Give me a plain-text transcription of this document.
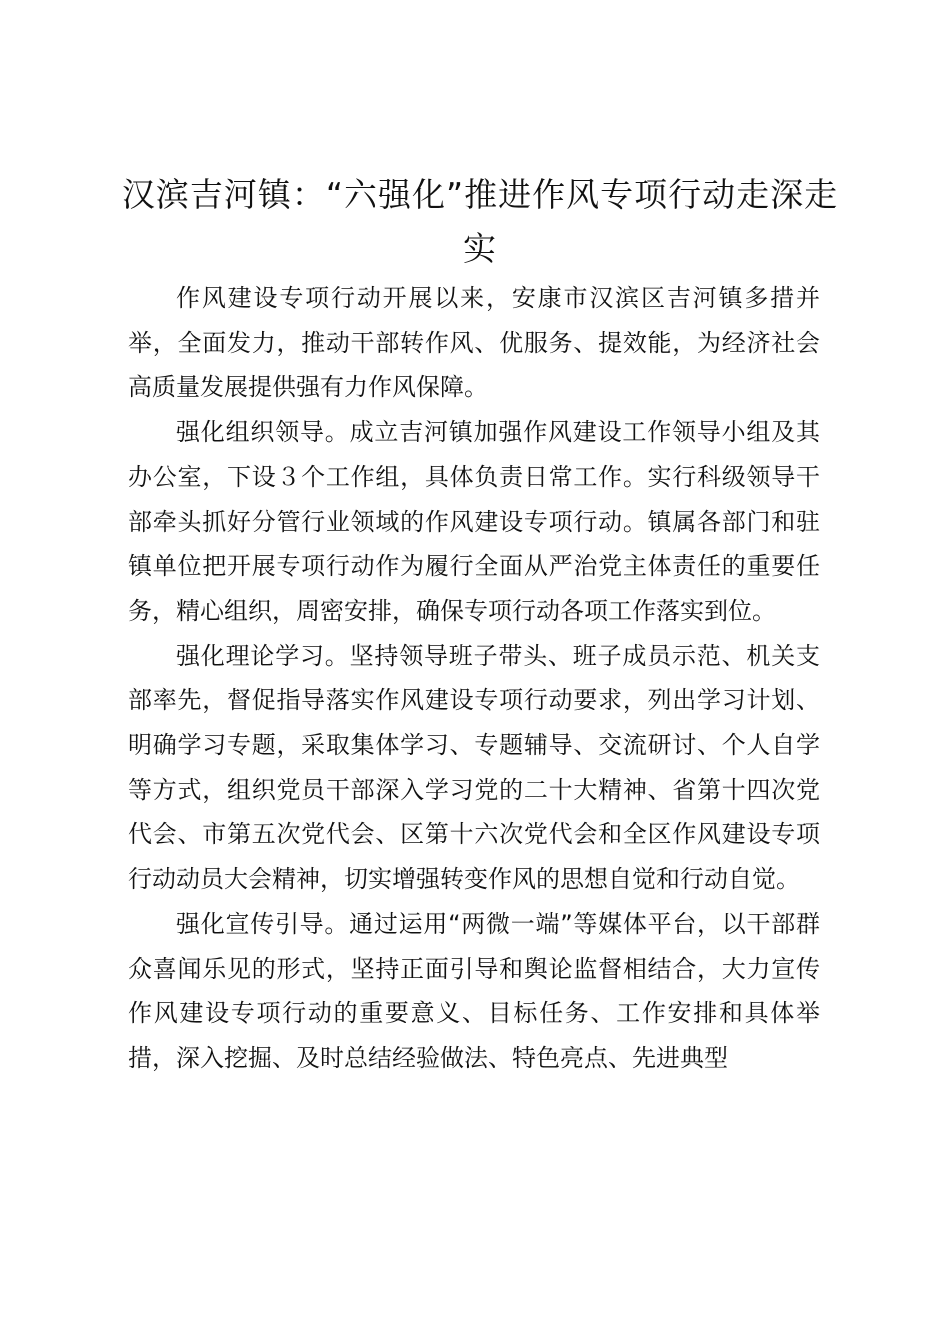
汉滨吉河镇：“六强化”推进作风专项行动走深走实

作风建设专项行动开展以来，安康市汉滨区吉河镇多措并举，全面发力，推动干部转作风、优服务、提效能，为经济社会高质量发展提供强有力作风保障。

强化组织领导。成立吉河镇加强作风建设工作领导小组及其办公室，下设３个工作组，具体负责日常工作。实行科级领导干部牵头抓好分管行业领域的作风建设专项行动。镇属各部门和驻镇单位把开展专项行动作为履行全面从严治党主体责任的重要任务，精心组织，周密安排，确保专项行动各项工作落实到位。

强化理论学习。坚持领导班子带头、班子成员示范、机关支部率先，督促指导落实作风建设专项行动要求，列出学习计划、明确学习专题，采取集体学习、专题辅导、交流研讨、个人自学等方式，组织党员干部深入学习党的二十大精神、省第十四次党代会、市第五次党代会、区第十六次党代会和全区作风建设专项行动动员大会精神，切实增强转变作风的思想自觉和行动自觉。

强化宣传引导。通过运用“两微一端”等媒体平台，以干部群众喜闻乐见的形式，坚持正面引导和舆论监督相结合，大力宣传作风建设专项行动的重要意义、目标任务、工作安排和具体举措，深入挖掘、及时总结经验做法、特色亮点、先进典型
